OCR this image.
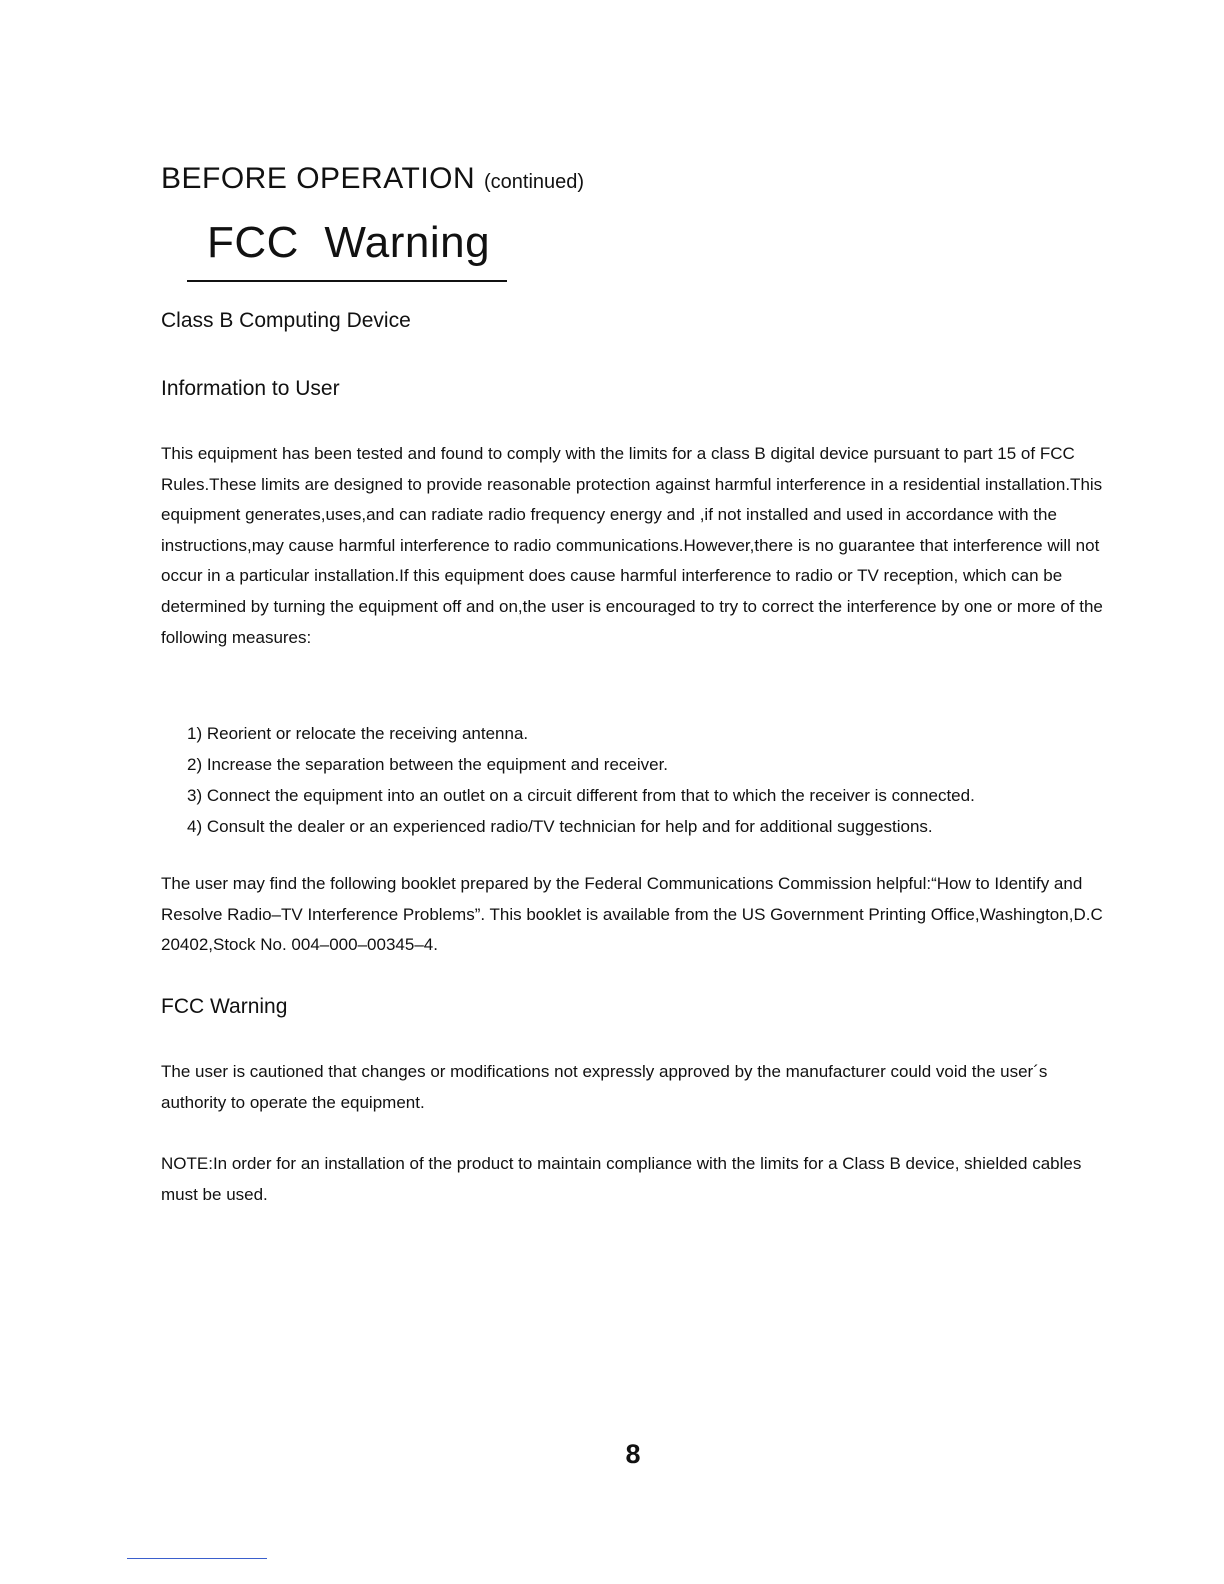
BEFORE OPERATION (continued)
FCC  Warning
Class B Computing Device
Information to User

This equipment has been tested and found to comply with the limits for a class B digital device pursuant to part 15 of FCC Rules.These limits are designed to provide reasonable protection against harmful interference in a residential installation.This equipment generates,uses,and can radiate radio frequency energy and ,if not installed and used in accordance with the instructions,may cause harmful interference to radio communications.However,there is no guarantee that interference will not occur in a particular installation.If this equipment does cause harmful interference to radio or TV reception, which can be determined by turning the equipment off and on,the user is encouraged to try to correct the interference by one or more of the following measures:

1) Reorient or relocate the receiving antenna.
2) Increase the separation between the equipment and receiver.
3) Connect the equipment into an outlet on a circuit different from that to which the receiver is connected.
4) Consult the dealer or an experienced radio/TV technician for help and for additional suggestions.

The user may find the following booklet prepared by the Federal Communications Commission helpful:“How to Identify and Resolve Radio–TV Interference Problems”. This booklet is available from the US Government Printing Office,Washington,D.C 20402,Stock No. 004–000–00345–4.

FCC Warning

The user is cautioned that changes or modifications not expressly approved by the manufacturer could void the user´s authority to operate the equipment.

NOTE:In order for an installation of the product to maintain compliance with the limits for a Class B device, shielded cables must be used.

8
